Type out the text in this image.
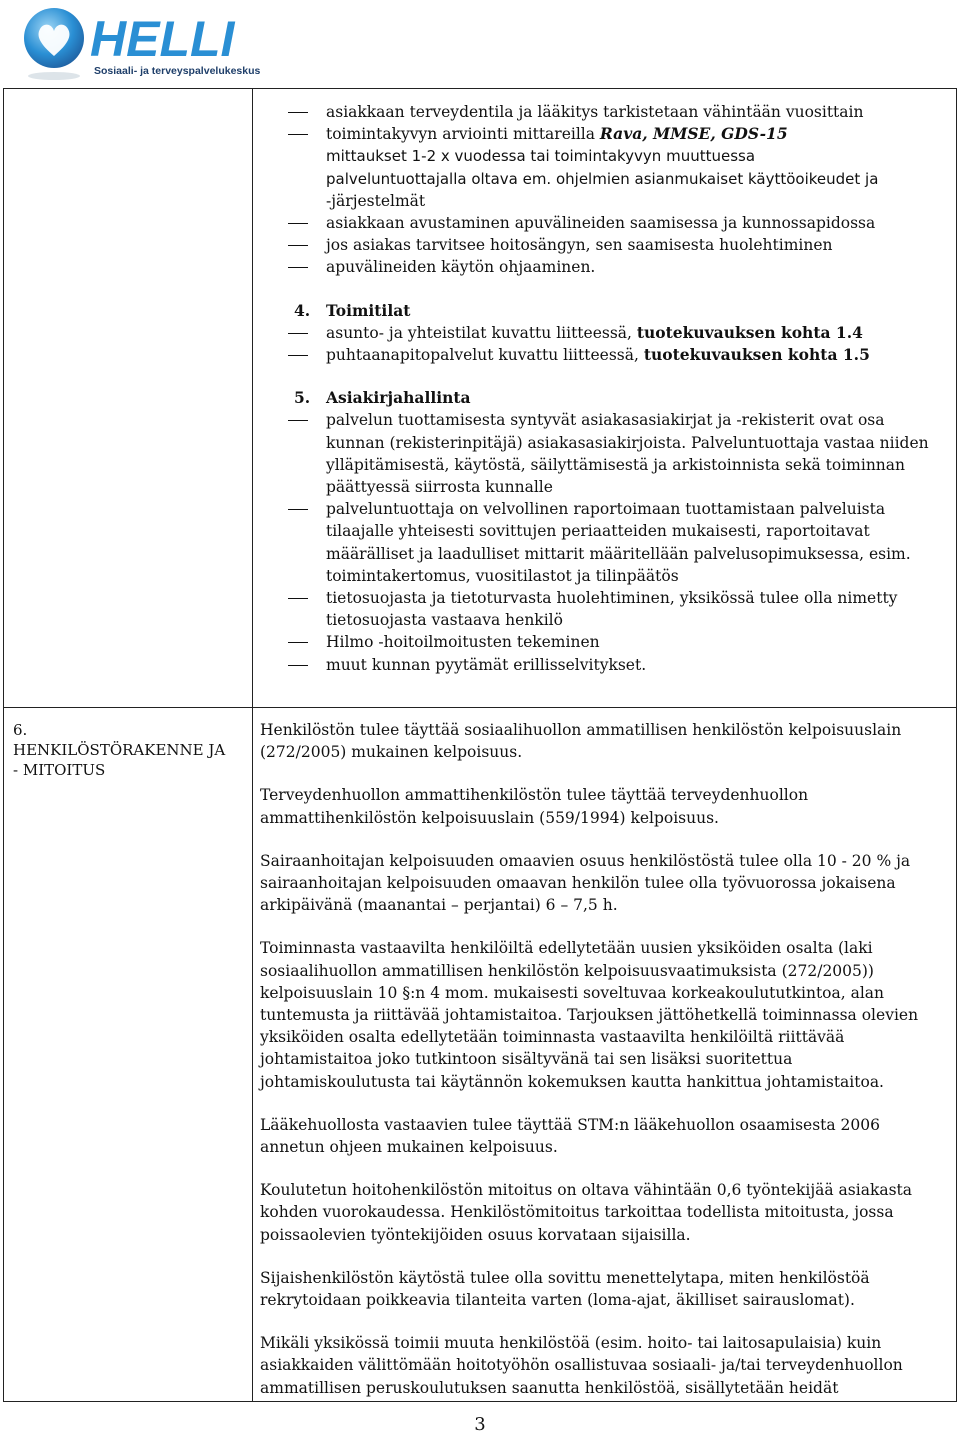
HELLI
Sosiaali- ja terveyspalvelukeskus
asiakkaan terveydentila ja lääkitys tarkistetaan vähintään vuosittain
toimintakyvyn arviointi mittareilla Rava, MMSE, GDS-15
mittaukset 1-2 x vuodessa tai toimintakyvyn muuttuessa
palveluntuottajalla oltava em. ohjelmien asianmukaiset käyttöoikeudet ja
-järjestelmät
asiakkaan avustaminen apuvälineiden saamisessa ja kunnossapidossa
jos asiakas tarvitsee hoitosängyn, sen saamisesta huolehtiminen
apuvälineiden käytön ohjaaminen.
4. Toimitilat
asunto- ja yhteistilat kuvattu liitteessä, tuotekuvauksen kohta 1.4
puhtaanapitopalvelut kuvattu liitteessä, tuotekuvauksen kohta 1.5
5. Asiakirjahallinta
palvelun tuottamisesta syntyvät asiakasasiakirjat ja -rekisterit ovat osa
kunnan (rekisterinpitäjä) asiakasasiakirjoista. Palveluntuottaja vastaa niiden
ylläpitämisestä, käytöstä, säilyttämisestä ja arkistoinnista sekä toiminnan
päättyessä siirrosta kunnalle
palveluntuottaja on velvollinen raportoimaan tuottamistaan palveluista
tilaajalle yhteisesti sovittujen periaatteiden mukaisesti, raportoitavat
määrälliset ja laadulliset mittarit määritellään palvelusopimuksessa, esim.
toimintakertomus, vuositilastot ja tilinpäätös
tietosuojasta ja tietoturvasta huolehtiminen, yksikössä tulee olla nimetty
tietosuojasta vastaava henkilö
Hilmo -hoitoilmoitusten tekeminen
muut kunnan pyytämät erillisselvitykset.
6.
HENKILÖSTÖRAKENNE JA - MITOITUS

Henkilöstön tulee täyttää sosiaalihuollon ammatillisen henkilöstön kelpoisuuslain
(272/2005) mukainen kelpoisuus.

Terveydenhuollon ammattihenkilöstön tulee täyttää terveydenhuollon
ammattihenkilöstön kelpoisuuslain (559/1994) kelpoisuus.

Sairaanhoitajan kelpoisuuden omaavien osuus henkilöstöstä tulee olla 10 - 20 % ja
sairaanhoitajan kelpoisuuden omaavan henkilön tulee olla työvuorossa jokaisena
arkipäivänä (maanantai – perjantai) 6 – 7,5 h.

Toiminnasta vastaavilta henkilöiltä edellytetään uusien yksiköiden osalta (laki
sosiaalihuollon ammatillisen henkilöstön kelpoisuusvaatimuksista (272/2005))
kelpoisuuslain 10 §:n 4 mom. mukaisesti soveltuvaa korkeakoulututkintoa, alan
tuntemusta ja riittävää johtamistaitoa. Tarjouksen jättöhetkellä toiminnassa olevien
yksiköiden osalta edellytetään toiminnasta vastaavilta henkilöiltä riittävää
johtamistaitoa joko tutkintoon sisältyvänä tai sen lisäksi suoritettua
johtamiskoulutusta tai käytännön kokemuksen kautta hankittua johtamistaitoa.

Lääkehuollosta vastaavien tulee täyttää STM:n lääkehuollon osaamisesta 2006
annetun ohjeen mukainen kelpoisuus.

Koulutetun hoitohenkilöstön mitoitus on oltava vähintään 0,6 työntekijää asiakasta
kohden vuorokaudessa. Henkilöstömitoitus tarkoittaa todellista mitoitusta, jossa
poissaolevien työntekijöiden osuus korvataan sijaisilla.

Sijaishenkilöstön käytöstä tulee olla sovittu menettelytapa, miten henkilöstöä
rekrytoidaan poikkeavia tilanteita varten (loma-ajat, äkilliset sairauslomat).

Mikäli yksikössä toimii muuta henkilöstöä (esim. hoito- tai laitosapulaisia) kuin
asiakkaiden välittömään hoitotyöhön osallistuvaa sosiaali- ja/tai terveydenhuollon
ammatillisen peruskoulutuksen saanutta henkilöstöä, sisällytetään heidät

3
